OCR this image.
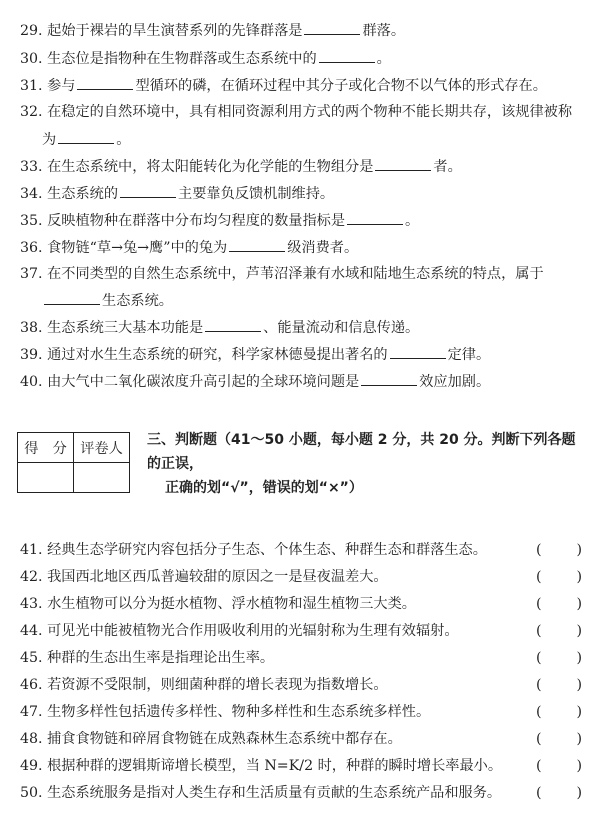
29. 起始于裸岩的旱生演替系列的先锋群落是	群落。
30. 生态位是指物种在生物群落或生态系统中的	。
31. 参与	型循环的磷，在循环过程中其分子或化合物不以气体的形式存在。
32. 在稳定的自然环境中，具有相同资源利用方式的两个物种不能长期共存，该规律被称
为	。
33. 在生态系统中，将太阳能转化为化学能的生物组分是	者。
34. 生态系统的	主要靠负反馈机制维持。
35. 反映植物种在群落中分布均匀程度的数量指标是	。
36. 食物链“草→兔→鹰”中的兔为	级消费者。
37. 在不同类型的自然生态系统中，芦苇沼泽兼有水域和陆地生态系统的特点，属于
生态系统。
38. 生态系统三大基本功能是	、能量流动和信息传递。
39. 通过对水生生态系统的研究，科学家林德曼提出著名的	定律。
40. 由大气中二氧化碳浓度升高引起的全球环境问题是	效应加剧。
得　分	评卷人

三、判断题（41～50 小题，每小题 2 分，共 20 分。判断下列各题的正误，
正确的划“√”，错误的划“×”）
41. 经典生态学研究内容包括分子生态、个体生态、种群生态和群落生态。	( )
42. 我国西北地区西瓜普遍较甜的原因之一是昼夜温差大。	( )
43. 水生植物可以分为挺水植物、浮水植物和湿生植物三大类。	( )
44. 可见光中能被植物光合作用吸收利用的光辐射称为生理有效辐射。	( )
45. 种群的生态出生率是指理论出生率。	( )
46. 若资源不受限制，则细菌种群的增长表现为指数增长。	( )
47. 生物多样性包括遗传多样性、物种多样性和生态系统多样性。	( )
48. 捕食食物链和碎屑食物链在成熟森林生态系统中都存在。	( )
49. 根据种群的逻辑斯谛增长模型，当 N=K/2 时，种群的瞬时增长率最小。 ( )
50. 生态系统服务是指对人类生存和生活质量有贡献的生态系统产品和服务。 ( )
